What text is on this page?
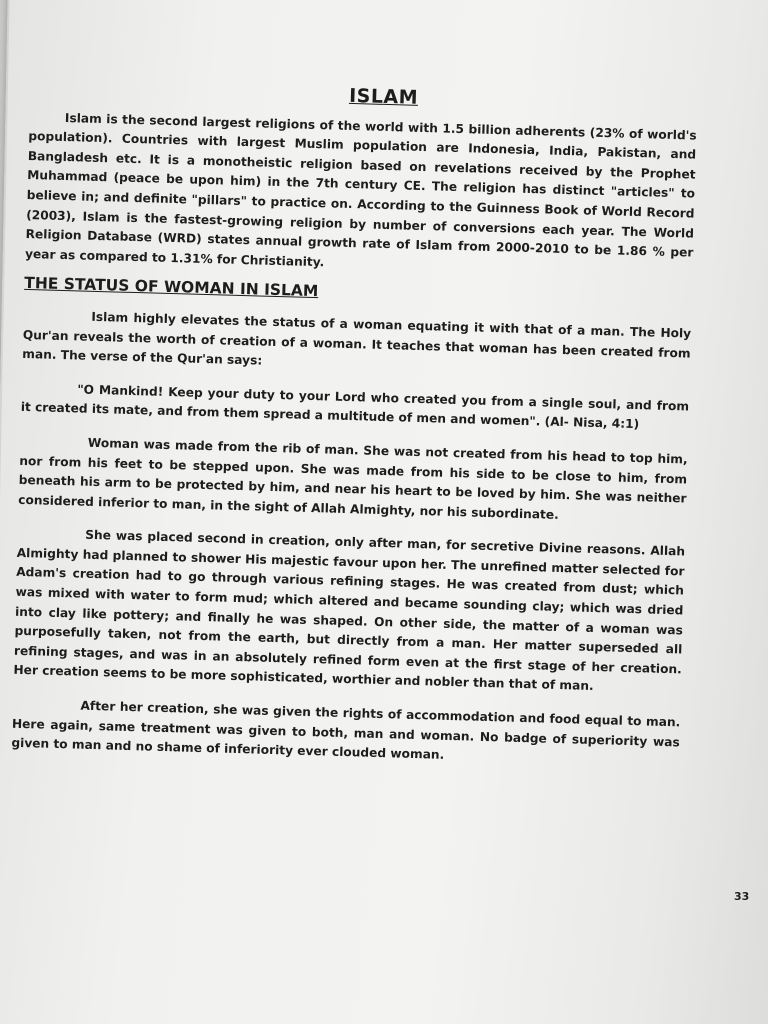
ISLAM

Islam is the second largest religions of the world with 1.5 billion adherents (23% of world's population). Countries with largest Muslim population are Indonesia, India, Pakistan, and Bangladesh etc. It is a monotheistic religion based on revelations received by the Prophet Muhammad (peace be upon him) in the 7th century CE. The religion has distinct "articles" to believe in; and definite "pillars" to practice on. According to the Guinness Book of World Record (2003), Islam is the fastest-growing religion by number of conversions each year. The World Religion Database (WRD) states annual growth rate of Islam from 2000-2010 to be 1.86 % per year as compared to 1.31% for Christianity.

THE STATUS OF WOMAN IN ISLAM

Islam highly elevates the status of a woman equating it with that of a man. The Holy Qur'an reveals the worth of creation of a woman. It teaches that woman has been created from man. The verse of the Qur'an says:

"O Mankind! Keep your duty to your Lord who created you from a single soul, and from it created its mate, and from them spread a multitude of men and women". (Al- Nisa, 4:1)

Woman was made from the rib of man. She was not created from his head to top him, nor from his feet to be stepped upon. She was made from his side to be close to him, from beneath his arm to be protected by him, and near his heart to be loved by him. She was neither considered inferior to man, in the sight of Allah Almighty, nor his subordinate.

She was placed second in creation, only after man, for secretive Divine reasons. Allah Almighty had planned to shower His majestic favour upon her. The unrefined matter selected for Adam's creation had to go through various refining stages. He was created from dust; which was mixed with water to form mud; which altered and became sounding clay; which was dried into clay like pottery; and finally he was shaped. On other side, the matter of a woman was purposefully taken, not from the earth, but directly from a man. Her matter superseded all refining stages, and was in an absolutely refined form even at the first stage of her creation. Her creation seems to be more sophisticated, worthier and nobler than that of man.

After her creation, she was given the rights of accommodation and food equal to man. Here again, same treatment was given to both, man and woman. No badge of superiority was given to man and no shame of inferiority ever clouded woman.

33
